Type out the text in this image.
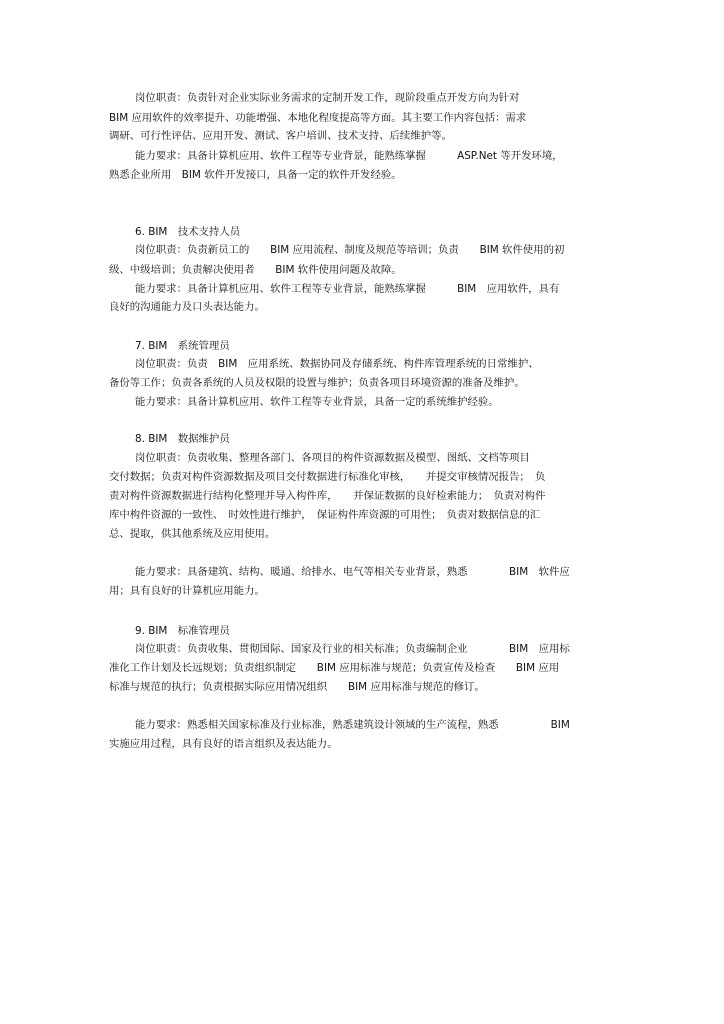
岗位职责：负责针对企业实际业务需求的定制开发工作，现阶段重点开发方向为针对
BIM 应用软件的效率提升、功能增强、本地化程度提高等方面。其主要工作内容包括：需求
调研、可行性评估、应用开发、测试、客户培训、技术支持、后续维护等。
能力要求：具备计算机应用、软件工程等专业背景，能熟练掌握　　　ASP.Net 等开发环境，
熟悉企业所用　BIM 软件开发接口，具备一定的软件开发经验。
6. BIM　技术支持人员
岗位职责：负责新员工的　　BIM 应用流程、制度及规范等培训；负责　　BIM 软件使用的初
级、中级培训；负责解决使用者　　BIM 软件使用问题及故障。
能力要求：具备计算机应用、软件工程等专业背景，能熟练掌握　　　BIM　应用软件，具有
良好的沟通能力及口头表达能力。
7. BIM　系统管理员
岗位职责：负责　BIM　应用系统、数据协同及存储系统、构件库管理系统的日常维护、
备份等工作；负责各系统的人员及权限的设置与维护；负责各项目环境资源的准备及维护。
能力要求：具备计算机应用、软件工程等专业背景，具备一定的系统维护经验。
8. BIM　数据维护员
岗位职责：负责收集、整理各部门、各项目的构件资源数据及模型、图纸、文档等项目
交付数据；负责对构件资源数据及项目交付数据进行标准化审核，　　并提交审核情况报告；　负
责对构件资源数据进行结构化整理并导入构件库，　　并保证数据的良好检索能力；　负责对构件
库中构件资源的一致性、　时效性进行维护，　保证构件库资源的可用性；　负责对数据信息的汇
总、提取，供其他系统及应用使用。
能力要求：具备建筑、结构、暖通、给排水、电气等相关专业背景，熟悉　　　　BIM　软件应
用；具有良好的计算机应用能力。
9. BIM　标准管理员
岗位职责：负责收集、贯彻国际、国家及行业的相关标准；负责编制企业　　　　BIM　应用标
准化工作计划及长远规划；负责组织制定　　BIM 应用标准与规范；负责宣传及检查　　BIM 应用
标准与规范的执行；负责根据实际应用情况组织　　BIM 应用标准与规范的修订。
能力要求：熟悉相关国家标准及行业标准，熟悉建筑设计领域的生产流程，熟悉　　　　　BIM
实施应用过程，具有良好的语言组织及表达能力。
